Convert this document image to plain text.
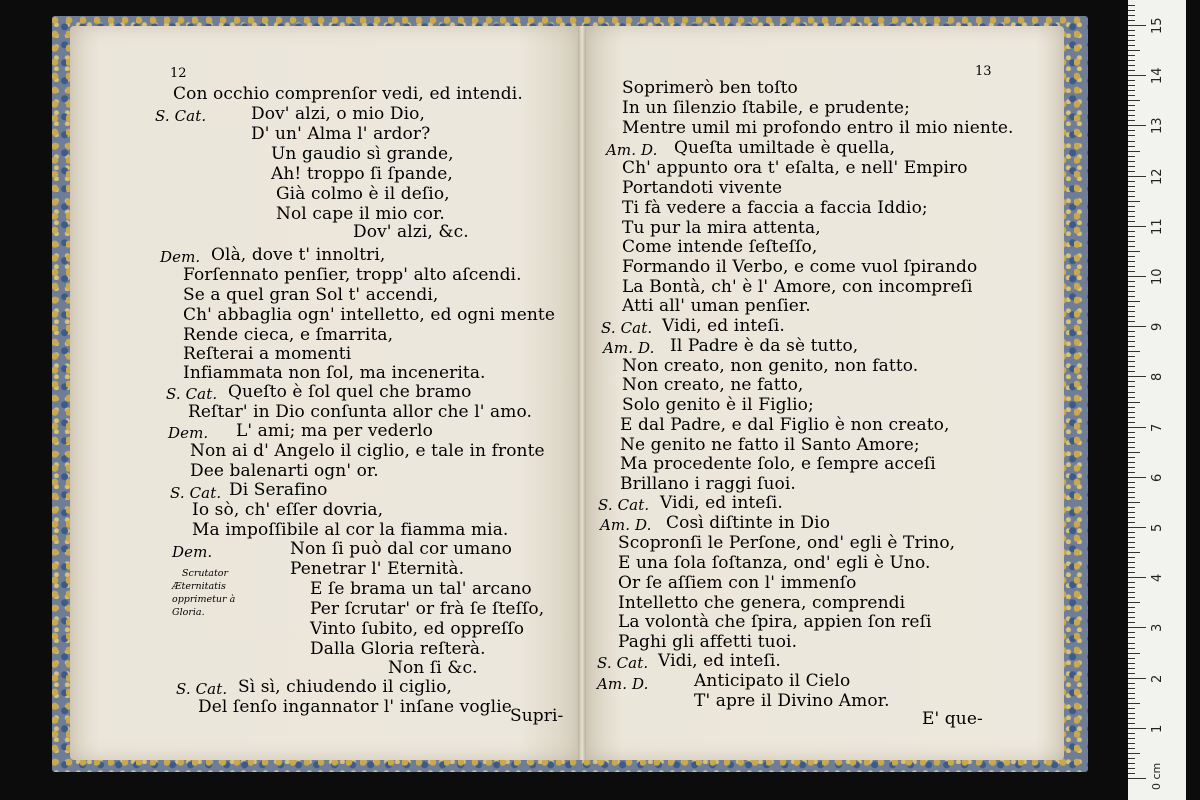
12
Con occhio comprenſor vedi, ed intendi.
S. Cat.	Dov' alzi, o mio Dio,
D' un' Alma l' ardor?
Un gaudio sì grande,
Ah! troppo ſi ſpande,
Già colmo è il deſio,
Nol cape il mio cor.
Dov' alzi, &c.
Dem. Olà, dove t' innoltri,
Forſennato penſier, tropp' alto aſcendi.
Se a quel gran Sol t' accendi,
Ch' abbaglia ogn' intelletto, ed ogni mente
Rende cieca, e ſmarrita,
Reſterai a momenti
Infiammata non ſol, ma incenerita.
S. Cat. Queſto è ſol quel che bramo
Reſtar' in Dio conſunta allor che l' amo.
Dem. L' ami; ma per vederlo
Non ai d' Angelo il ciglio, e tale in fronte
Dee balenarti ogn' or.
S. Cat. Di Serafino
Io sò, ch' eſſer dovria,
Ma impoſſibile al cor la fiamma mia.
Dem.	Non ſi può dal cor umano
Penetrar l' Eternità.
E ſe brama un tal' arcano
Per ſcrutar' or frà ſe ſteſſo,
Vinto ſubito, ed oppreſſo
Dalla Gloria reſterà.
Non ſi &c.
S. Cat. Sì sì, chiudendo il ciglio,
Del ſenſo ingannator l' inſane voglie
Scrutator
Æternitatis
opprimetur à
Gloria.
Supri-
13
Soprimerò ben toſto
In un ſilenzio ſtabile, e prudente;
Mentre umil mi profondo entro il mio niente.
Am. D. Queſta umiltade è quella,
Ch' appunto ora t' eſalta, e nell' Empiro
Portandoti vivente
Ti fà vedere a faccia a faccia Iddio;
Tu pur la mira attenta,
Come intende ſeſteſſo,
Formando il Verbo, e come vuol ſpirando
La Bontà, ch' è l' Amore, con incompreſi
Atti all' uman penſier.
S. Cat. Vidi, ed inteſi.
Am. D. Il Padre è da sè tutto,
Non creato, non genito, non fatto.
Non creato, ne fatto,
Solo genito è il Figlio;
E dal Padre, e dal Figlio è non creato,
Ne genito ne fatto il Santo Amore;
Ma procedente ſolo, e ſempre acceſi
Brillano i raggi ſuoi.
S. Cat. Vidi, ed inteſi.
Am. D. Così diſtinte in Dio
Scopronſi le Perſone, ond' egli è Trino,
E una ſola ſoſtanza, ond' egli è Uno.
Or ſe aſſiem con l' immenſo
Intelletto che genera, comprendi
La volontà che ſpira, appien ſon reſi
Paghi gli affetti tuoi.
S. Cat. Vidi, ed inteſi.
Am. D.	Anticipato il Cielo
T' apre il Divino Amor.
E' que-
0 cm
1
2
3
4
5
6
7
8
9
10
11
12
13
14
15
